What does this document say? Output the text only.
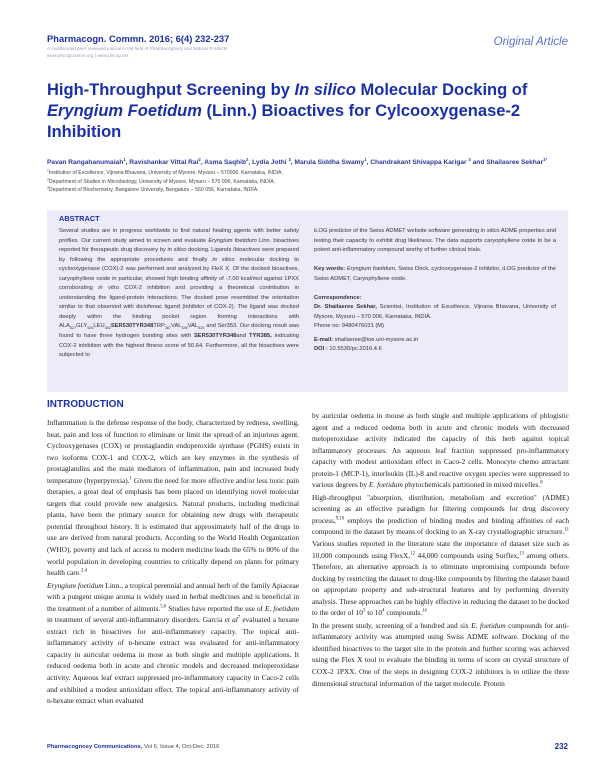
Pharmacogn. Commn. 2016; 6(4) 232-237
A multifaceted peer reviewed journal in the field of Pharmacognosy and Natural Products
www.phcogcommn.org | www.phcog.net
Original Article
High-Throughput Screening by In silico Molecular Docking of Eryngium Foetidum (Linn.) Bioactives for Cylcooxygenase-2 Inhibition
Pavan Rangahanumaiah$^1$, Ravishankar Vittal Rai$^2$, Asma Saqhib$^2$, Lydia Jothi $^3$, Marula Siddha Swamy$^1$, Chandrakant Shivappa Karigar $^3$ and Shailasree Sekhar$^{1*}$
$^1$Institution of Excellence, Vijnana Bhavana, University of Mysore, Mysuru – 570006, Karnataka, INDIA.
$^2$Department of Studies in Microbiology, University of Mysore, Mysuru – 570 006, Karnataka, INDIA.
$^3$Department of Biochemistry, Bangalore University, Bengaluru – 560 056, Karnataka, INDIA.
ABSTRACT
Several studies are in progress worldwide to find natural healing agents with better safety profiles. Our current study aimed to screen and evaluate Eryngium foetidum Linn. bioactives reported for therapeutic drug discovery by in silico docking. Ligands /bioactives were prepared by following the appropriate procedures and finally in silico molecular docking to cyclooxygenase (COX)-2 was performed and analyzed by FleX X. Of the docked bioactives, caryophyllene oxide in particular, showed high binding affinity of -7.00 kcal/mol against 1PXX corroborating in vitro COX-2 inhibition and providing a theoretical contribution in understanding the ligand-protein interactions. The docked pose resembled the orientation similar to that observed with diclofenac ligand (inhibitor of COX-2). The ligand was docked deeply within the binding pocket region forming interactions with $ALA_{527}GLY_{526}LEU_{352}SER530TYR348TRP_{387}VAL_{349}VAL_{523}$ and Ser353. Our docking result was found to have three hydrogen bonding sites with SER530TYR348and TYR385, indicating COX-2 inhibition with the highest fitness score of 50.64. Furthermore, all the bioactives were subjected to

iLOG predictor of the Swiss ADMET website software generating in silico ADME properties and testing their capacity to exhibit drug likeliness. The data supports caryophyllene oxide to be a potent anti-inflammatory compound worthy of further clinical trials.

Key words: Eryngium foetidum, Swiss Dock, cyclooxygenase-2 inhibitor, iLOG predictor of the Swiss ADMET, Caryophyllene oxide.

Correspondence:
Dr. Shailasree Sekhar, Scientist, Institution of Excellence, Vijnana Bhavana, University of Mysore, Mysuru – 570 006, Karnataka, INDIA.
Phone no: 9480476031 (M)
E-mail: shailasree@ioe.uni-mysore.ac.in
DOI : 10.5530/pc.2016.4.6
INTRODUCTION

Inflammation is the defense response of the body, characterized by redness, swelling, heat, pain and loss of function to eliminate or limit the spread of an injurious agent. Cyclooxygenases (COX) or prostaglandin endoperoxide synthase (PGHS) exists in two isoforms COX-1 and COX-2, which are key enzymes in the synthesis of prostaglandins and the main mediators of inflammation, pain and increased body temperature (hyperpyrexia).$^1$ Given the need for more effective and/or less toxic pain therapies, a great deal of emphasis has been placed on identifying novel molecular targets that could provide new analgesics. Natural products, including medicinal plants, have been the primary source for obtaining new drugs with therapeutic potential throughout history. It is estimated that approximately half of the drugs in use are derived from natural products. According to the World Health Organization (WHO), poverty and lack of access to modern medicine leads the 65% to 80% of the world population in developing countries to critically depend on plants for primary health care.$^{2-4}$

Eryngium foetidum Linn., a tropical perennial and annual herb of the family Apiaceae with a pungent unique aroma is widely used in herbal medicines and is beneficial in the treatment of a number of ailments.$^{5,6}$ Studies have reported the use of E. foetidum in treatment of several anti-inflammatory disorders. Garcia et $al^7$ evaluated a hexane extract rich in bioactives for anti-inflammatory capacity. The topical anti-inflammatory activity of n-hexane extract was evaluated for anti-inflammatory capacity in auricular oedema in mose as both single and multiple applications. It reduced oedema both in acute and chronic models and decreased meloperoxidase activity. Aqueous leaf extract suppressed pro-inflammatory capacity in Caco-2 cells and exhibited a modest antioxidant effect. The topical anti-inflammatory activity of n-hexane extract when evaluated

by auricular oedema in mouse as both single and multiple applications of phlogistic agent and a reduced oedema both in acute and chronic models with decreased meloperoxidase activity indicated the capacity of this herb against topical inflammatory processes. An aqueous leaf fraction suppressed pro-inflammatory capacity with modest antioxidant effect in Caco-2 cells. Monocyte chemo attractant protein-1 (MCP-1), interleukin (IL)-8 and reactive oxygen species were suppressed to various degrees by E. foetidum phytochemicals partitioned in mixed micelles.$^8$

High-throughput "absorption, distribution, metabolism and excretion" (ADME) screening as an effective paradigm for filtering compounds for drug discovery process,$^{9,10}$ employs the prediction of binding modes and binding affinities of each compound in the dataset by means of docking to an X-ray crystallographic structure.$^{11}$ Various studies reported in the literature state the importance of dataset size such as 10,000 compounds using FlexX,$^{12}$ 44,000 compounds using Surflex,$^{13}$ among others. Therefore, an alternative approach is to eliminate unpromising compounds before docking by restricting the dataset to drug-like compounds by filtering the dataset based on appropriate property and sub-structural features and by performing diversity analysis. These approaches can be highly effective in reducing the dataset to be docked to the order of $10^3$ to $10^4$ compounds.$^{14}$

In the present study, screening of a hundred and six E. foetidum compounds for anti-inflammatory activity was attempted using Swiss ADME software. Docking of the identified bioactives to the target site in the protein and further scoring was achieved using the Flex X tool to evaluate the binding in terms of score on crystal structure of COX-2 1PXX. One of the steps in designing COX-2 inhibitors is to utilize the three dimensional structural information of the target molecule. Protein

Pharmacognosy Communications, Vol 6, Issue 4, Oct-Dec, 2016	232
